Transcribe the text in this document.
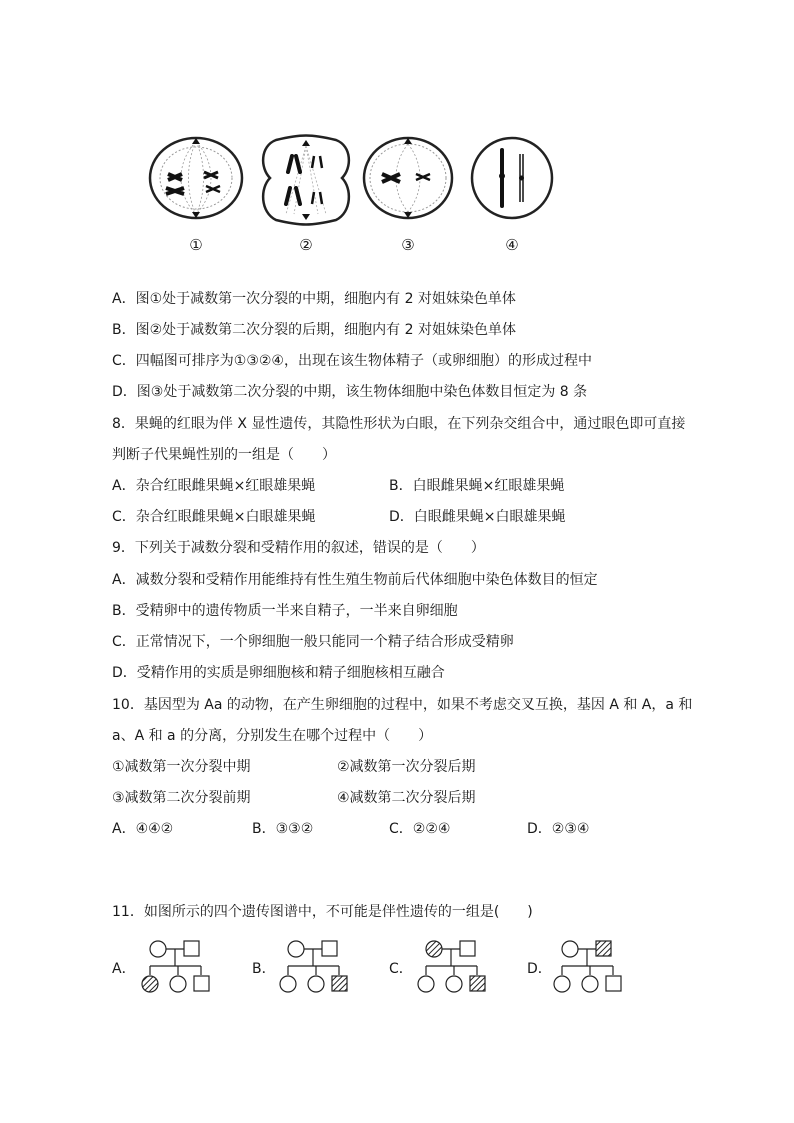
①	②	③	④
A．图①处于减数第一次分裂的中期，细胞内有 2 对姐妹染色单体
B．图②处于减数第二次分裂的后期，细胞内有 2 对姐妹染色单体
C．四幅图可排序为①③②④，出现在该生物体精子（或卵细胞）的形成过程中
D．图③处于减数第二次分裂的中期，该生物体细胞中染色体数目恒定为 8 条
8．果蝇的红眼为伴 X 显性遗传，其隐性形状为白眼，在下列杂交组合中，通过眼色即可直接
判断子代果蝇性别的一组是（　　）
A．杂合红眼雌果蝇×红眼雄果蝇	B．白眼雌果蝇×红眼雄果蝇
C．杂合红眼雌果蝇×白眼雄果蝇	D．白眼雌果蝇×白眼雄果蝇
9．下列关于减数分裂和受精作用的叙述，错误的是（　　）
A．减数分裂和受精作用能维持有性生殖生物前后代体细胞中染色体数目的恒定
B．受精卵中的遗传物质一半来自精子，一半来自卵细胞
C．正常情况下，一个卵细胞一般只能同一个精子结合形成受精卵
D．受精作用的实质是卵细胞核和精子细胞核相互融合
10．基因型为 Aa 的动物，在产生卵细胞的过程中，如果不考虑交叉互换，基因 A 和 A，a 和
a、A 和 a 的分离，分别发生在哪个过程中（　　）
①减数第一次分裂中期	②减数第一次分裂后期
③减数第二次分裂前期	④减数第二次分裂后期
A．④④②	B．③③②	C．②②④	D．②③④
11．如图所示的四个遗传图谱中，不可能是伴性遗传的一组是(　　)
A．	B．	C．	D．
